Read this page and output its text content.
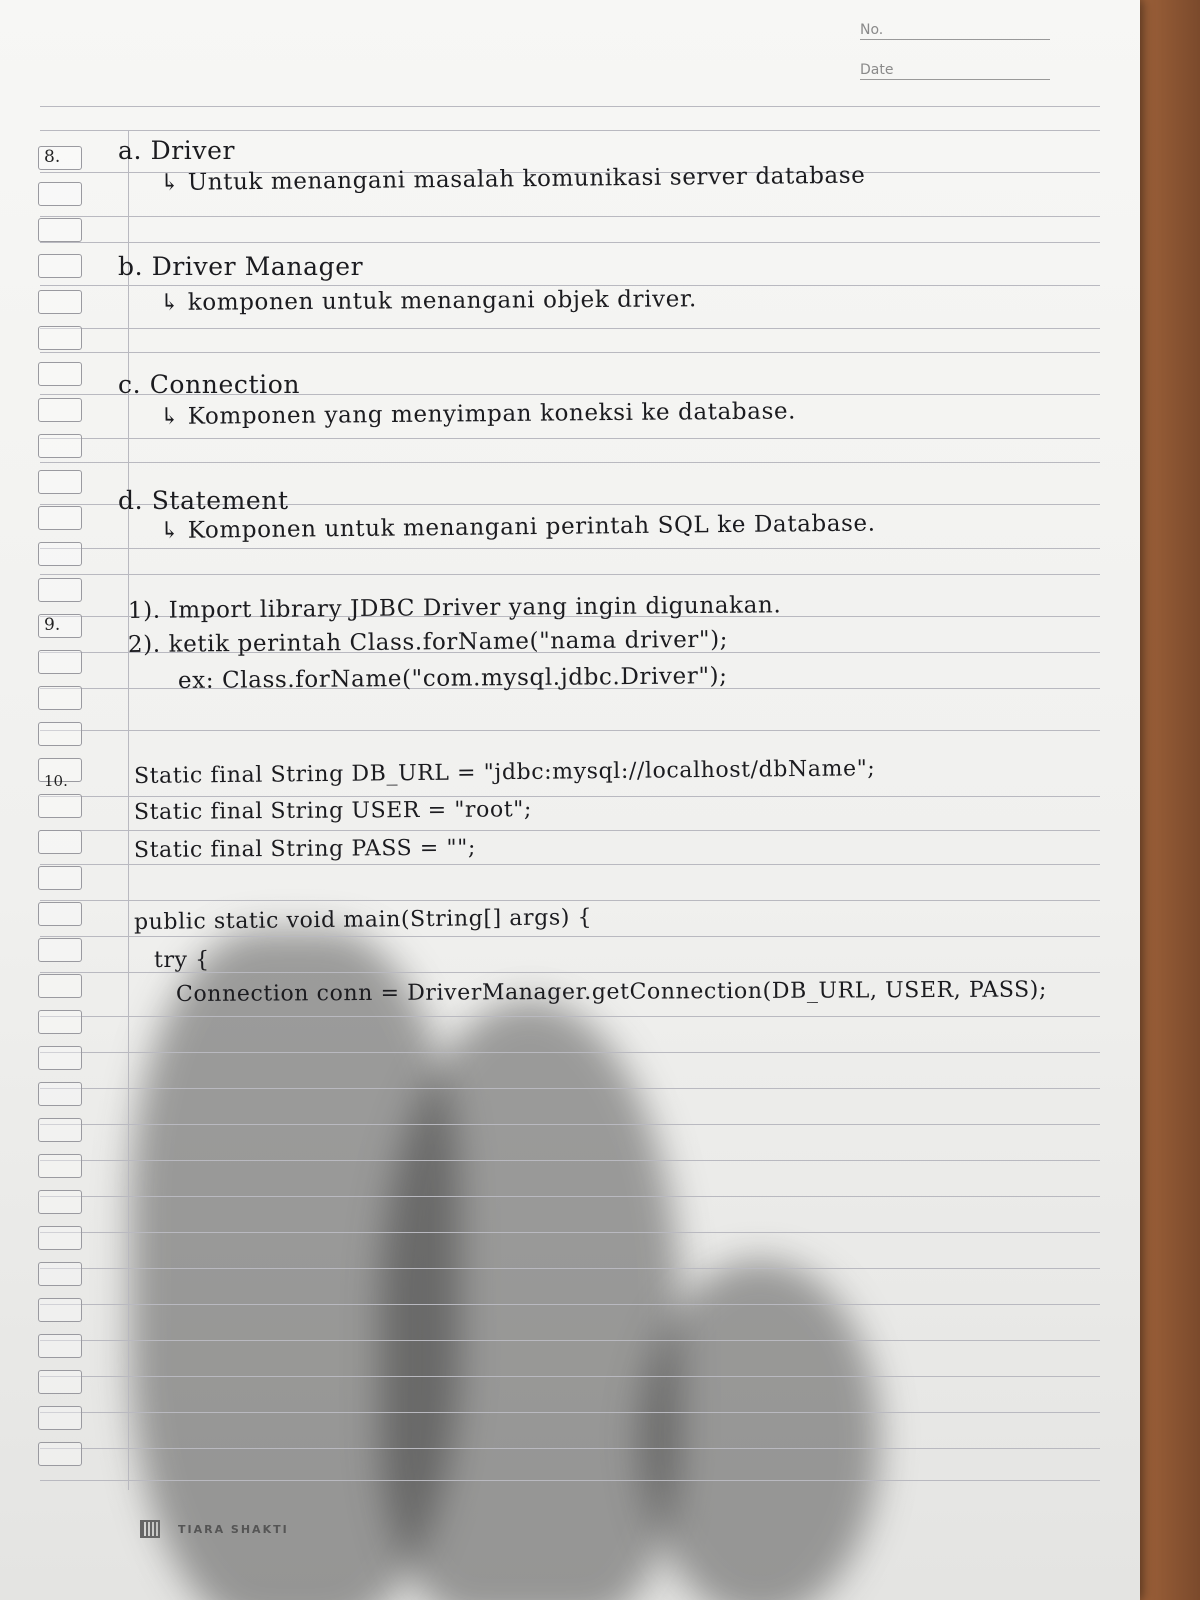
No.
Date
8.
9.
10.
a. Driver
↳ Untuk menangani masalah komunikasi server database
b. Driver Manager
↳ komponen untuk menangani objek driver.
c. Connection
↳ Komponen yang menyimpan koneksi ke database.
d. Statement
↳ Komponen untuk menangani perintah SQL ke Database.
1). Import library JDBC Driver yang ingin digunakan.
2). ketik perintah Class.forName("nama driver");
ex: Class.forName("com.mysql.jdbc.Driver");
Static final String DB_URL = "jdbc:mysql://localhost/dbName";
Static final String USER = "root";
Static final String PASS = "";
public static void main(String[] args) {
try {
Connection conn = DriverManager.getConnection(DB_URL, USER, PASS);
TIARA SHAKTI
